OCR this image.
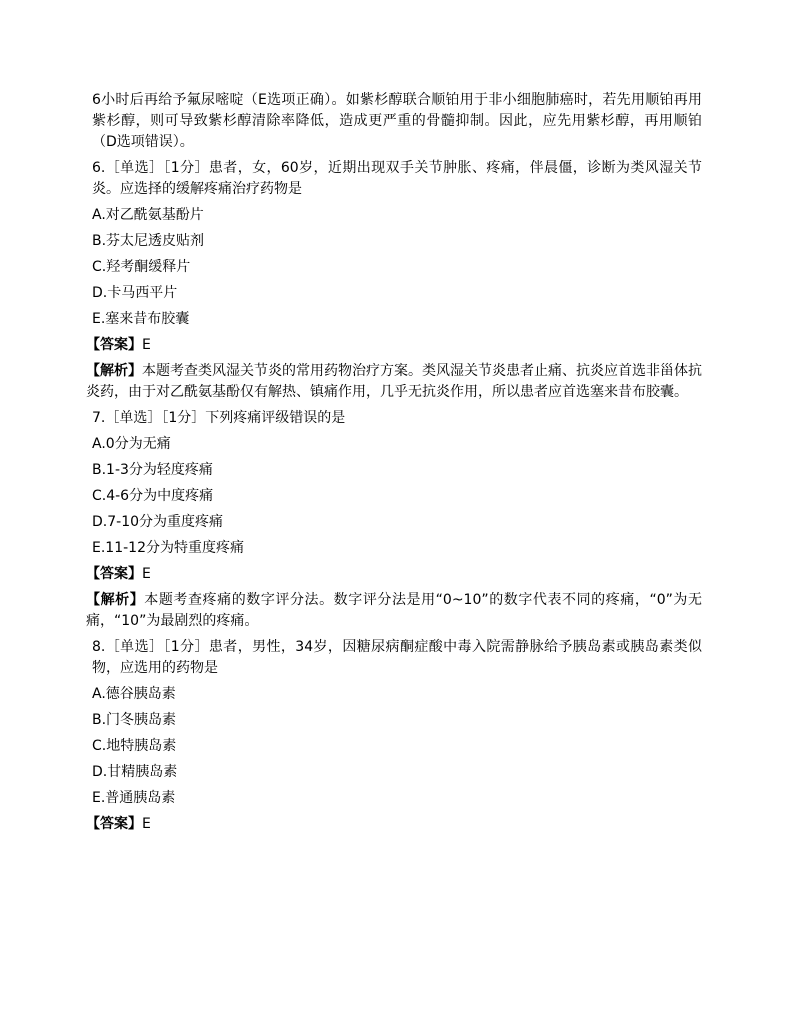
6小时后再给予氟尿嘧啶（E选项正确）。如紫杉醇联合顺铂用于非小细胞肺癌时，若先用顺铂再用紫杉醇，则可导致紫杉醇清除率降低，造成更严重的骨髓抑制。因此，应先用紫杉醇，再用顺铂（D选项错误）。

6.［单选］［1分］患者，女，60岁，近期出现双手关节肿胀、疼痛，伴晨僵，诊断为类风湿关节炎。应选择的缓解疼痛治疗药物是

A.对乙酰氨基酚片
B.芬太尼透皮贴剂
C.羟考酮缓释片
D.卡马西平片
E.塞来昔布胶囊
【答案】E

【解析】本题考查类风湿关节炎的常用药物治疗方案。类风湿关节炎患者止痛、抗炎应首选非甾体抗炎药，由于对乙酰氨基酚仅有解热、镇痛作用，几乎无抗炎作用，所以患者应首选塞来昔布胶囊。

7.［单选］［1分］下列疼痛评级错误的是

A.0分为无痛
B.1-3分为轻度疼痛
C.4-6分为中度疼痛
D.7-10分为重度疼痛
E.11-12分为特重度疼痛
【答案】E

【解析】本题考查疼痛的数字评分法。数字评分法是用“0~10”的数字代表不同的疼痛，“0”为无痛，“10”为最剧烈的疼痛。

8.［单选］［1分］患者，男性，34岁，因糖尿病酮症酸中毒入院需静脉给予胰岛素或胰岛素类似物，应选用的药物是

A.德谷胰岛素
B.门冬胰岛素
C.地特胰岛素
D.甘精胰岛素
E.普通胰岛素
【答案】E
